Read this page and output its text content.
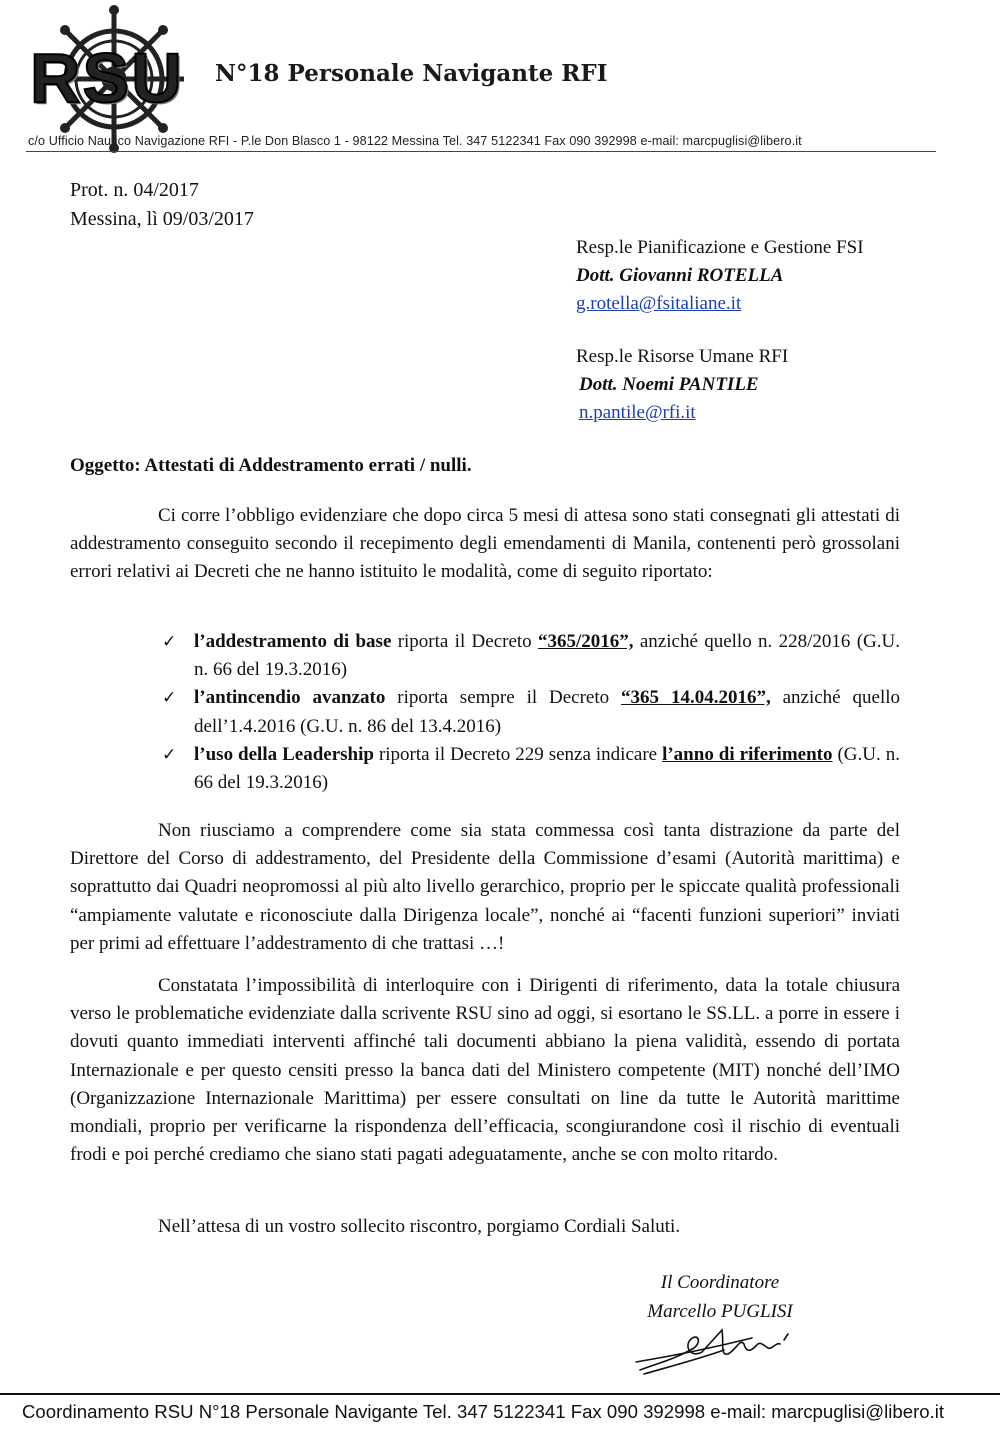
RSU N°18 Personale Navigante RFI
c/o Ufficio Nautico Navigazione RFI - P.le Don Blasco 1 - 98122 Messina Tel. 347 5122341 Fax 090 392998 e-mail: marcpuglisi@libero.it
Prot. n. 04/2017
Messina, lì 09/03/2017
Resp.le Pianificazione e Gestione FSI
Dott. Giovanni ROTELLA
g.rotella@fsitaliane.it
Resp.le Risorse Umane RFI
Dott. Noemi PANTILE
n.pantile@rfi.it
Oggetto: Attestati di Addestramento errati / nulli.
Ci corre l’obbligo evidenziare che dopo circa 5 mesi di attesa sono stati consegnati gli attestati di addestramento conseguito secondo il recepimento degli emendamenti di Manila, contenenti però grossolani errori relativi ai Decreti che ne hanno istituito le modalità, come di seguito riportato:
✓ l’addestramento di base riporta il Decreto “365/2016”, anziché quello n. 228/2016 (G.U. n. 66 del 19.3.2016)
✓ l’antincendio avanzato riporta sempre il Decreto “365 14.04.2016”, anziché quello dell’1.4.2016 (G.U. n. 86 del 13.4.2016)
✓ l’uso della Leadership riporta il Decreto 229 senza indicare l’anno di riferimento (G.U. n. 66 del 19.3.2016)
Non riusciamo a comprendere come sia stata commessa così tanta distrazione da parte del Direttore del Corso di addestramento, del Presidente della Commissione d’esami (Autorità marittima) e soprattutto dai Quadri neopromossi al più alto livello gerarchico, proprio per le spiccate qualità professionali “ampiamente valutate e riconosciute dalla Dirigenza locale”, nonché ai “facenti funzioni superiori” inviati per primi ad effettuare l’addestramento di che trattasi …!
Constatata l’impossibilità di interloquire con i Dirigenti di riferimento, data la totale chiusura verso le problematiche evidenziate dalla scrivente RSU sino ad oggi, si esortano le SS.LL. a porre in essere i dovuti quanto immediati interventi affinché tali documenti abbiano la piena validità, essendo di portata Internazionale e per questo censiti presso la banca dati del Ministero competente (MIT) nonché dell’IMO (Organizzazione Internazionale Marittima) per essere consultati on line da tutte le Autorità marittime mondiali, proprio per verificarne la rispondenza dell’efficacia, scongiurandone così il rischio di eventuali frodi e poi perché crediamo che siano stati pagati adeguatamente, anche se con molto ritardo.
Nell’attesa di un vostro sollecito riscontro, porgiamo Cordiali Saluti.
Il Coordinatore
Marcello PUGLISI
Coordinamento RSU N°18 Personale Navigante Tel. 347 5122341 Fax 090 392998 e-mail: marcpuglisi@libero.it
